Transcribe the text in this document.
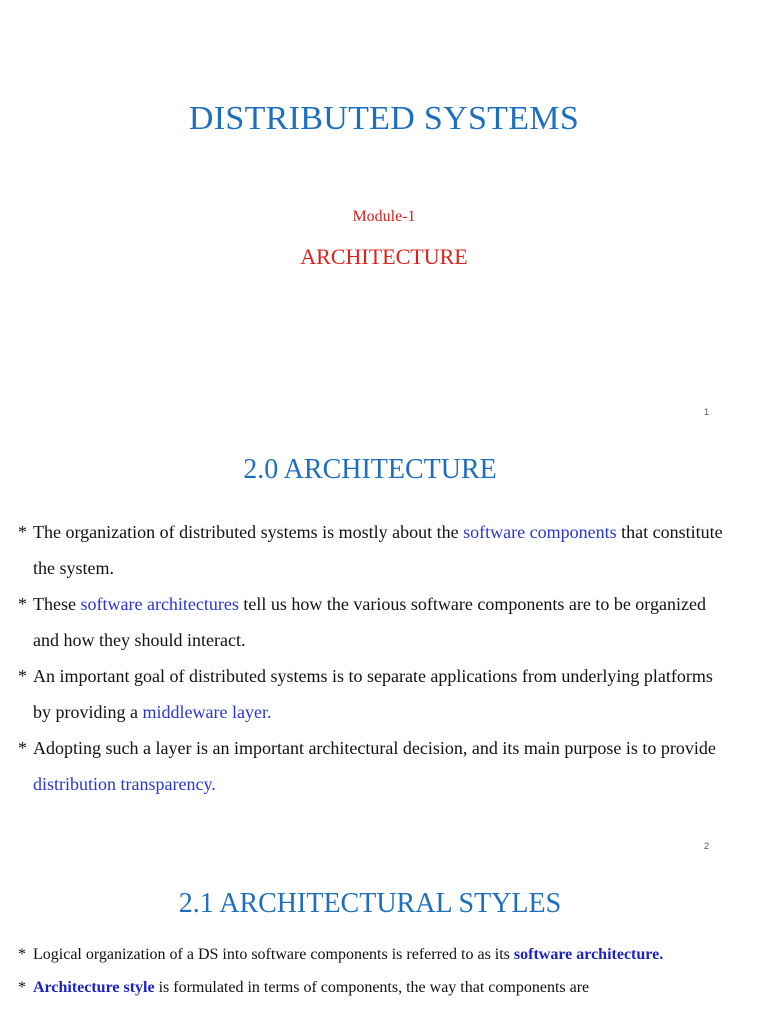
DISTRIBUTED SYSTEMS
Module-1
ARCHITECTURE
1
2.0 ARCHITECTURE
* The organization of distributed systems is mostly about the software components that constitute the system.
* These software architectures tell us how the various software components are to be organized and how they should interact.
* An important goal of distributed systems is to separate applications from underlying platforms by providing a middleware layer.
* Adopting such a layer is an important architectural decision, and its main purpose is to provide distribution transparency.
2
2.1 ARCHITECTURAL STYLES
* Logical organization of a DS into software components is referred to as its software architecture.
* Architecture style is formulated in terms of components, the way that components are
